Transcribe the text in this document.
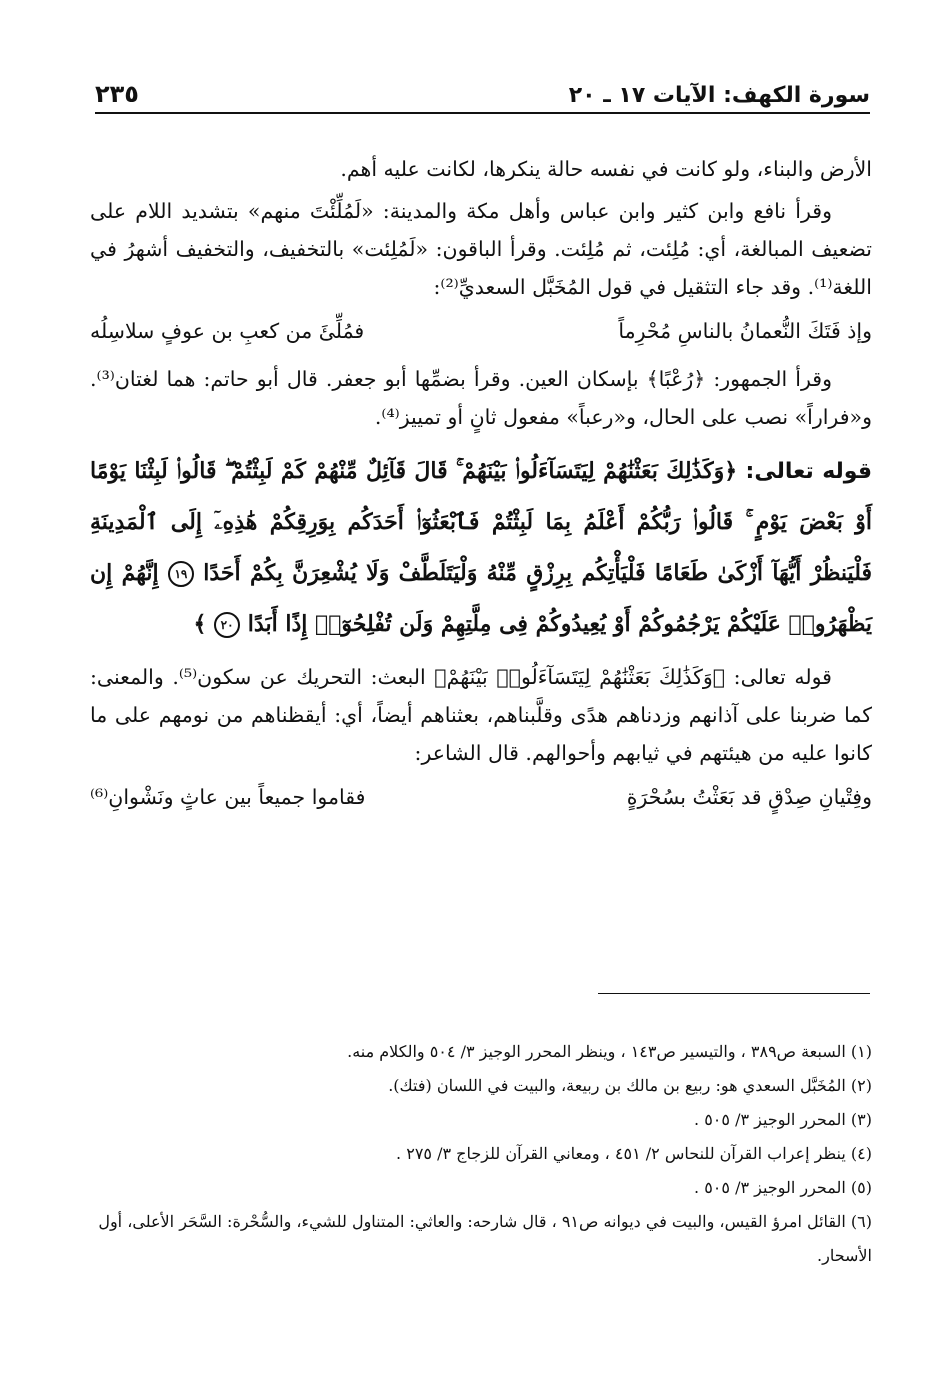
٢٣٥	سورة الكهف: الآيات ١٧ ـ ٢٠

الأرض والبناء، ولو كانت في نفسه حالة ينكرها، لكانت عليه أهم.

وقرأ نافع وابن كثير وابن عباس وأهل مكة والمدينة: «لَمُلِّئْتَ منهم» بتشديد اللام على تضعيف المبالغة، أي: مُلِئت، ثم مُلِئت. وقرأ الباقون: «لَمُلِئت» بالتخفيف، والتخفيف أشهرُ في اللغة⁽¹⁾. وقد جاء التثقيل في قول المُخَبَّل السعديِّ⁽²⁾:

وإذ فَتَكَ النُّعمانُ بالناسِ مُحْرِماً
فمُلِّئَ من كعبِ بن عوفٍ سلاسِلُه

وقرأ الجمهور: ﴿رُعْبًا﴾ بإسكان العين. وقرأ بضمِّها أبو جعفر. قال أبو حاتم: هما لغتان⁽³⁾. و«فراراً» نصب على الحال، و«رعباً» مفعول ثانٍ أو تمييز⁽⁴⁾.

قوله تعالى: ﴿وَكَذَٰلِكَ بَعَثْنَٰهُمْ لِيَتَسَآءَلُوا۟ بَيْنَهُمْ ۚ قَالَ قَآئِلٌ مِّنْهُمْ كَمْ لَبِثْتُمْ ۖ قَالُوا۟ لَبِثْنَا يَوْمًا أَوْ بَعْضَ يَوْمٍ ۚ قَالُوا۟ رَبُّكُمْ أَعْلَمُ بِمَا لَبِثْتُمْ فَٱبْعَثُوٓا۟ أَحَدَكُم بِوَرِقِكُمْ هَٰذِهِۦٓ إِلَى ٱلْمَدِينَةِ فَلْيَنظُرْ أَيُّهَآ أَزْكَىٰ طَعَامًا فَلْيَأْتِكُم بِرِزْقٍ مِّنْهُ وَلْيَتَلَطَّفْ وَلَا يُشْعِرَنَّ بِكُمْ أَحَدًا ١٩ إِنَّهُمْ إِن يَظْهَرُوا۟ عَلَيْكُمْ يَرْجُمُوكُمْ أَوْ يُعِيدُوكُمْ فِى مِلَّتِهِمْ وَلَن تُفْلِحُوٓا۟ إِذًا أَبَدًا ٢٠ ﴾

قوله تعالى: ﴿وَكَذَٰلِكَ بَعَثْنَٰهُمْ لِيَتَسَآءَلُوا۟ بَيْنَهُمْ﴾ البعث: التحريك عن سكون⁽⁵⁾. والمعنى: كما ضربنا على آذانهم وزدناهم هدًى وقلَّبناهم، بعثناهم أيضاً، أي: أيقظناهم من نومهم على ما كانوا عليه من هيئتهم في ثيابهم وأحوالهم. قال الشاعر:

وفِتْيانِ صِدْقٍ قد بَعَثْتُ بسُحْرَةٍ
فقاموا جميعاً بين عاثٍ ونَشْوانِ⁽⁶⁾

(١) السبعة ص٣٨٩ ، والتيسير ص١٤٣ ، وينظر المحرر الوجيز ٣/ ٥٠٤ والكلام منه.

(٢) المُخَبَّل السعدي هو: ربيع بن مالك بن ربيعة، والبيت في اللسان (فتك).

(٣) المحرر الوجيز ٣/ ٥٠٥ .

(٤) ينظر إعراب القرآن للنحاس ٢/ ٤٥١ ، ومعاني القرآن للزجاج ٣/ ٢٧٥ .

(٥) المحرر الوجيز ٣/ ٥٠٥ .

(٦) القائل امرؤ القيس، والبيت في ديوانه ص٩١ ، قال شارحه: والعاثي: المتناول للشيء، والسُّحْرة: السَّحَر الأعلى، أول الأسحار.
